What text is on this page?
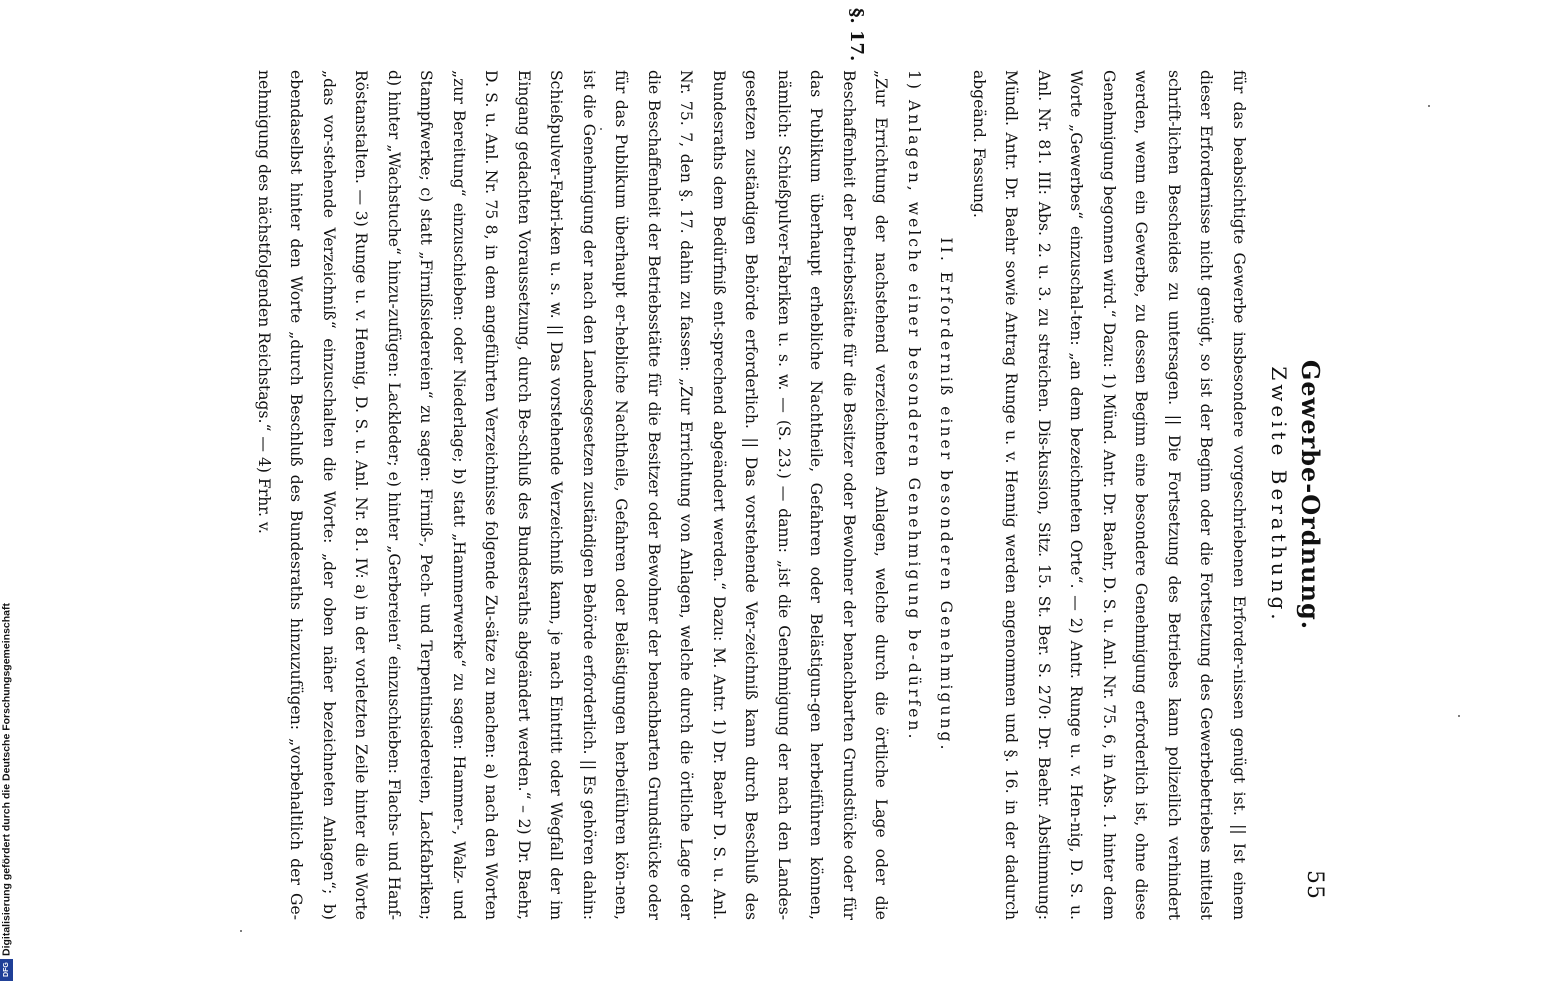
55
Gewerbe-Ordnung.
Zweite Berathung.

für das beabsichtigte Gewerbe insbesondere vorgeschriebenen Erforder-nissen genügt ist. || Ist einem dieser Erfordernisse nicht genügt, so ist der Beginn oder die Fortsetzung des Gewerbebetriebes mittelst schrift-lichen Bescheides zu untersagen. || Die Fortsetzung des Betriebes kann polizeilich verhindert werden, wenn ein Gewerbe, zu dessen Beginn eine besondere Genehmigung erforderlich ist, ohne diese Genehmigung begonnen wird.“ Dazu: 1) Münd. Antr. Dr. Baehr, D. S. u. Anl. Nr. 75. 6, in Abs. 1. hinter dem Worte „Gewerbes“ einzuschal-ten: „an dem bezeichneten Orte“. — 2) Antr. Runge u. v. Hen-nig, D. S. u. Anl. Nr. 81. III: Abs. 2. u. 3. zu streichen. Dis-kussion, Sitz. 15. St. Ber. S. 270: Dr. Baehr. Abstimmung: Mündl. Antr. Dr. Baehr sowie Antrag Runge u. v. Hennig werden angenommen und §. 16. in der dadurch abgeänd. Fassung.

II. Erforderniß einer besonderen Genehmigung.

1) Anlagen, welche einer besonderen Genehmigung be-dürfen.

„Zur Errichtung der nachstehend verzeichneten Anlagen, welche durch die örtliche Lage oder die Beschaffenheit der Betriebsstätte für die Besitzer oder Bewohner der benachbarten Grundstücke oder für das Publikum überhaupt erhebliche Nachtheile, Gefahren oder Belästigun-gen herbeiführen können, nämlich: Schießpulver-Fabriken u. s. w. — (S. 23.) — dann: „ist die Genehmigung der nach den Landes-gesetzen zuständigen Behörde erforderlich. || Das vorstehende Ver-zeichniß kann durch Beschluß des Bundesraths dem Bedürfniß ent-sprechend abgeändert werden.“ Dazu: M. Antr. 1) Dr. Baehr D. S. u. Anl. Nr. 75. 7, den §. 17. dahin zu fassen: „Zur Errichtung von Anlagen, welche durch die örtliche Lage oder die Beschaffenheit der Betriebsstätte für die Besitzer oder Bewohner der benachbarten Grundstücke oder für das Publikum überhaupt er-hebliche Nachtheile, Gefahren oder Belästigungen herbeiführen kön-nen, ist die Genehmigung der nach den Landesgesetzen zuständigen Behörde erforderlich. || Es gehören dahin: Schießpulver-Fabri-ken u. s. w. || Das vorstehende Verzeichniß kann, je nach Eintritt oder Wegfall der im Eingang gedachten Voraussetzung, durch Be-schluß des Bundesraths abgeändert werden.“ – 2) Dr. Baehr, D. S. u. Anl. Nr. 75 8, in dem angeführten Verzeichnisse folgende Zu-sätze zu machen: a) nach den Worten „zur Bereitung“ einzuschieben: oder Niederlage; b) statt „Hammerwerke“ zu sagen: Hammer-, Walz- und Stampfwerke; c) statt „Firnißsiedereien“ zu sagen: Firniß-, Pech- und Terpentinsiedereien, Lackfabriken; d) hinter „Wachstuche“ hinzu-zufügen: Lackleder; e) hinter „Gerbereien“ einzuschieben: Flachs- und Hanf-Röstanstalten. — 3) Runge u. v. Hennig, D. S. u. Anl. Nr. 81. IV: a) in der vorletzten Zeile hinter die Worte „das vor-stehende Verzeichniß“ einzuschalten die Worte: „der oben näher bezeichneten Anlagen“; b) ebendaselbst hinter den Worte „durch Beschluß des Bundesraths hinzuzufügen: „vorbehaltlich der Ge-nehmigung des nächstfolgenden Reichstags.“ — 4) Frhr. v.

§. 17.
DFG
Digitalisierung gefördert durch die Deutsche Forschungsgemeinschaft
